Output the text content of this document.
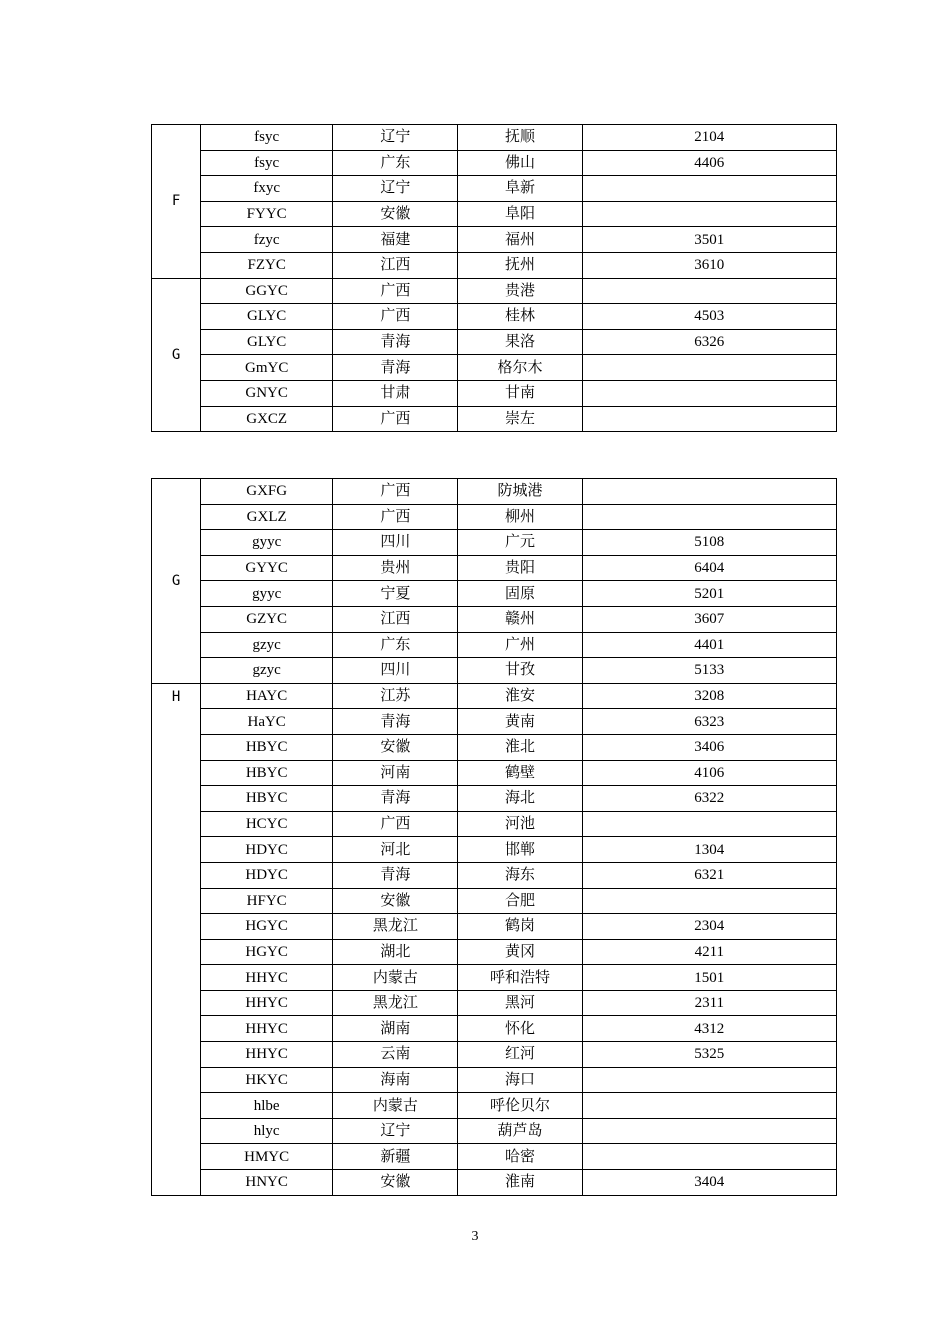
F	fsyc	辽宁	抚顺	2104
	fsyc	广东	佛山	4406
	fxyc	辽宁	阜新	
	FYYC	安徽	阜阳	
	fzyc	福建	福州	3501
	FZYC	江西	抚州	3610
G	GGYC	广西	贵港	
	GLYC	广西	桂林	4503
	GLYC	青海	果洛	6326
	GmYC	青海	格尔木	
	GNYC	甘肃	甘南	
	GXCZ	广西	崇左	
G	GXFG	广西	防城港	
	GXLZ	广西	柳州	
	gyyc	四川	广元	5108
	GYYC	贵州	贵阳	6404
	gyyc	宁夏	固原	5201
	GZYC	江西	赣州	3607
	gzyc	广东	广州	4401
	gzyc	四川	甘孜	5133
H	HAYC	江苏	淮安	3208
	HaYC	青海	黄南	6323
	HBYC	安徽	淮北	3406
	HBYC	河南	鹤壁	4106
	HBYC	青海	海北	6322
	HCYC	广西	河池	
	HDYC	河北	邯郸	1304
	HDYC	青海	海东	6321
	HFYC	安徽	合肥	
	HGYC	黑龙江	鹤岗	2304
	HGYC	湖北	黄冈	4211
	HHYC	内蒙古	呼和浩特	1501
	HHYC	黑龙江	黑河	2311
	HHYC	湖南	怀化	4312
	HHYC	云南	红河	5325
	HKYC	海南	海口	
	hlbe	内蒙古	呼伦贝尔	
	hlyc	辽宁	葫芦岛	
	HMYC	新疆	哈密	
	HNYC	安徽	淮南	3404
3
